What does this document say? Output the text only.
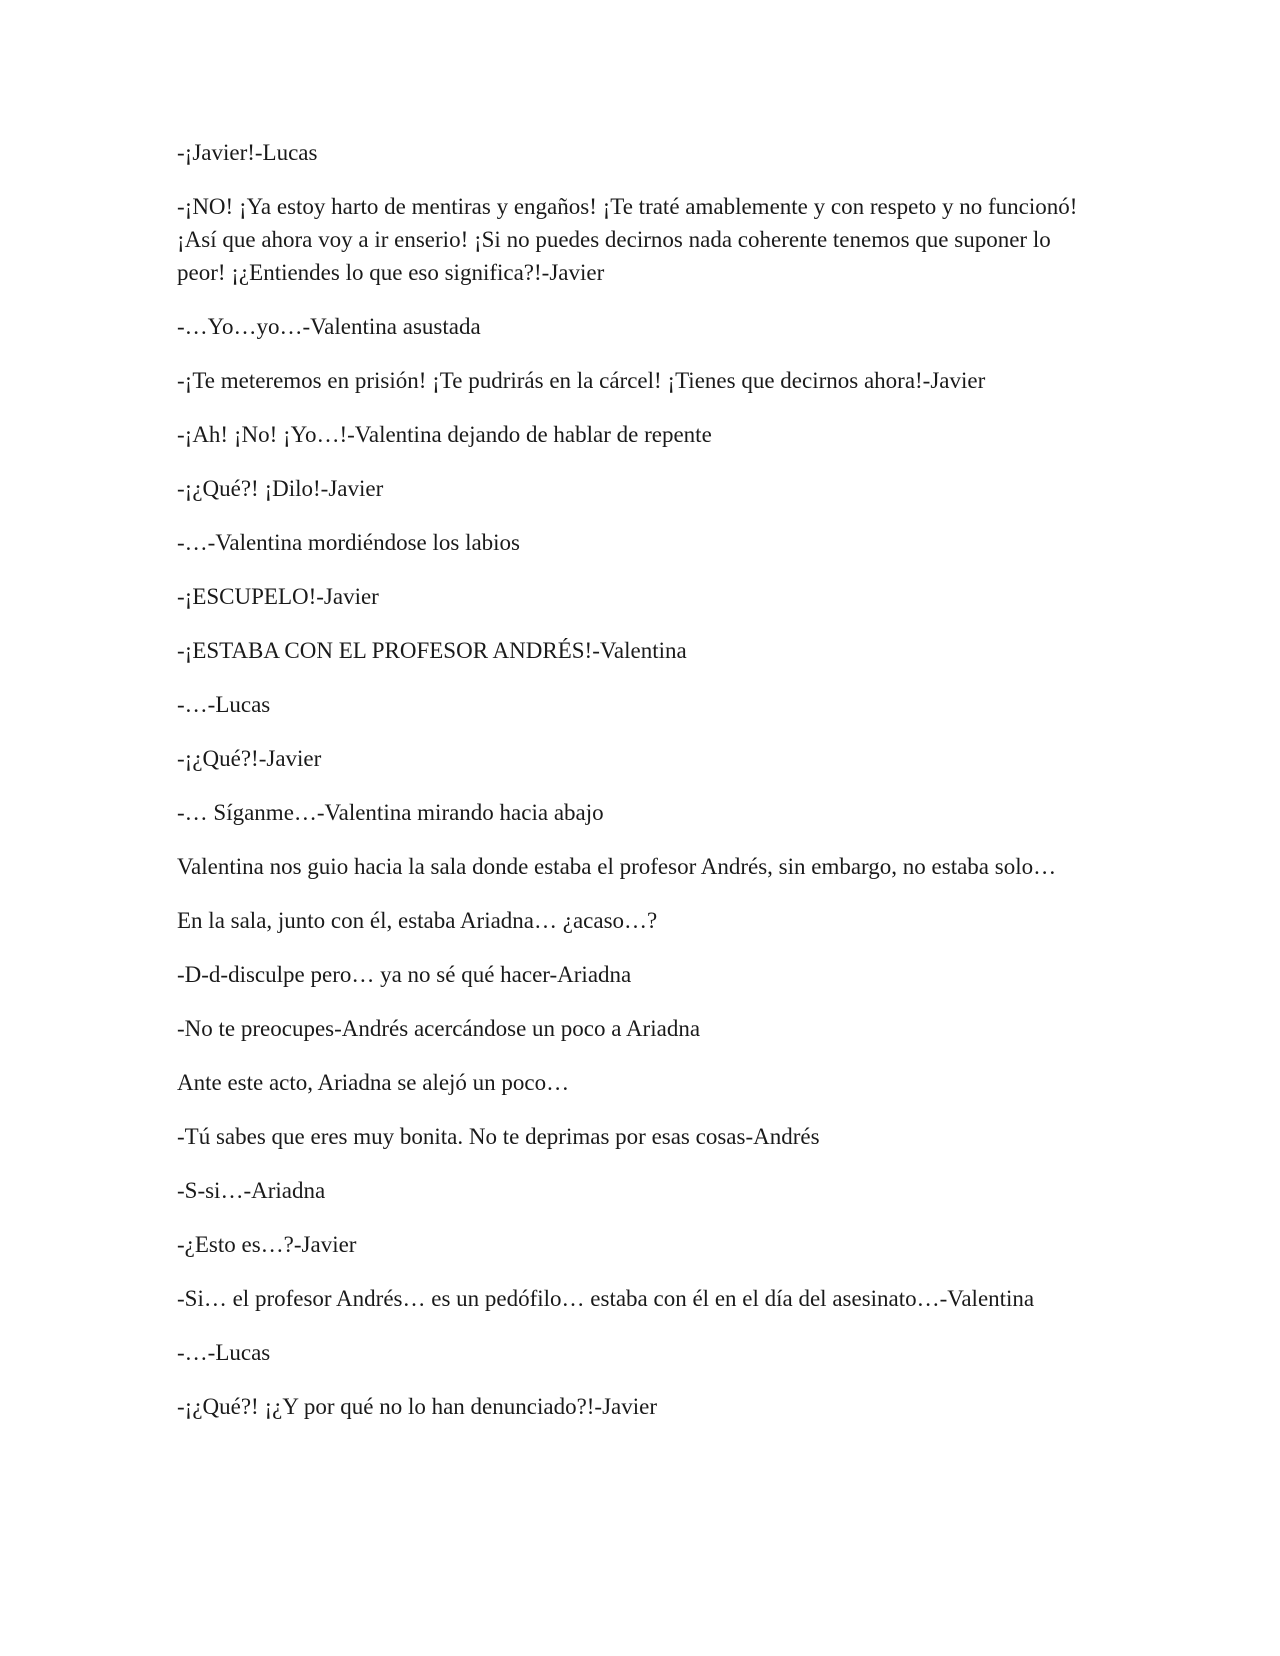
-¡Javier!-Lucas

-¡NO! ¡Ya estoy harto de mentiras y engaños! ¡Te traté amablemente y con respeto y no funcionó! ¡Así que ahora voy a ir enserio! ¡Si no puedes decirnos nada coherente tenemos que suponer lo peor! ¡¿Entiendes lo que eso significa?!-Javier

-…Yo…yo…-Valentina asustada

-¡Te meteremos en prisión! ¡Te pudrirás en la cárcel! ¡Tienes que decirnos ahora!-Javier

-¡Ah! ¡No! ¡Yo…!-Valentina dejando de hablar de repente

-¡¿Qué?! ¡Dilo!-Javier

-…-Valentina mordiéndose los labios

-¡ESCUPELO!-Javier

-¡ESTABA CON EL PROFESOR ANDRÉS!-Valentina

-…-Lucas

-¡¿Qué?!-Javier

-… Síganme…-Valentina mirando hacia abajo

Valentina nos guio hacia la sala donde estaba el profesor Andrés, sin embargo, no estaba solo…

En la sala, junto con él, estaba Ariadna… ¿acaso…?

-D-d-disculpe pero… ya no sé qué hacer-Ariadna

-No te preocupes-Andrés acercándose un poco a Ariadna

Ante este acto, Ariadna se alejó un poco…

-Tú sabes que eres muy bonita. No te deprimas por esas cosas-Andrés

-S-si…-Ariadna

-¿Esto es…?-Javier

-Si… el profesor Andrés… es un pedófilo… estaba con él en el día del asesinato…-Valentina

-…-Lucas

-¡¿Qué?! ¡¿Y por qué no lo han denunciado?!-Javier
